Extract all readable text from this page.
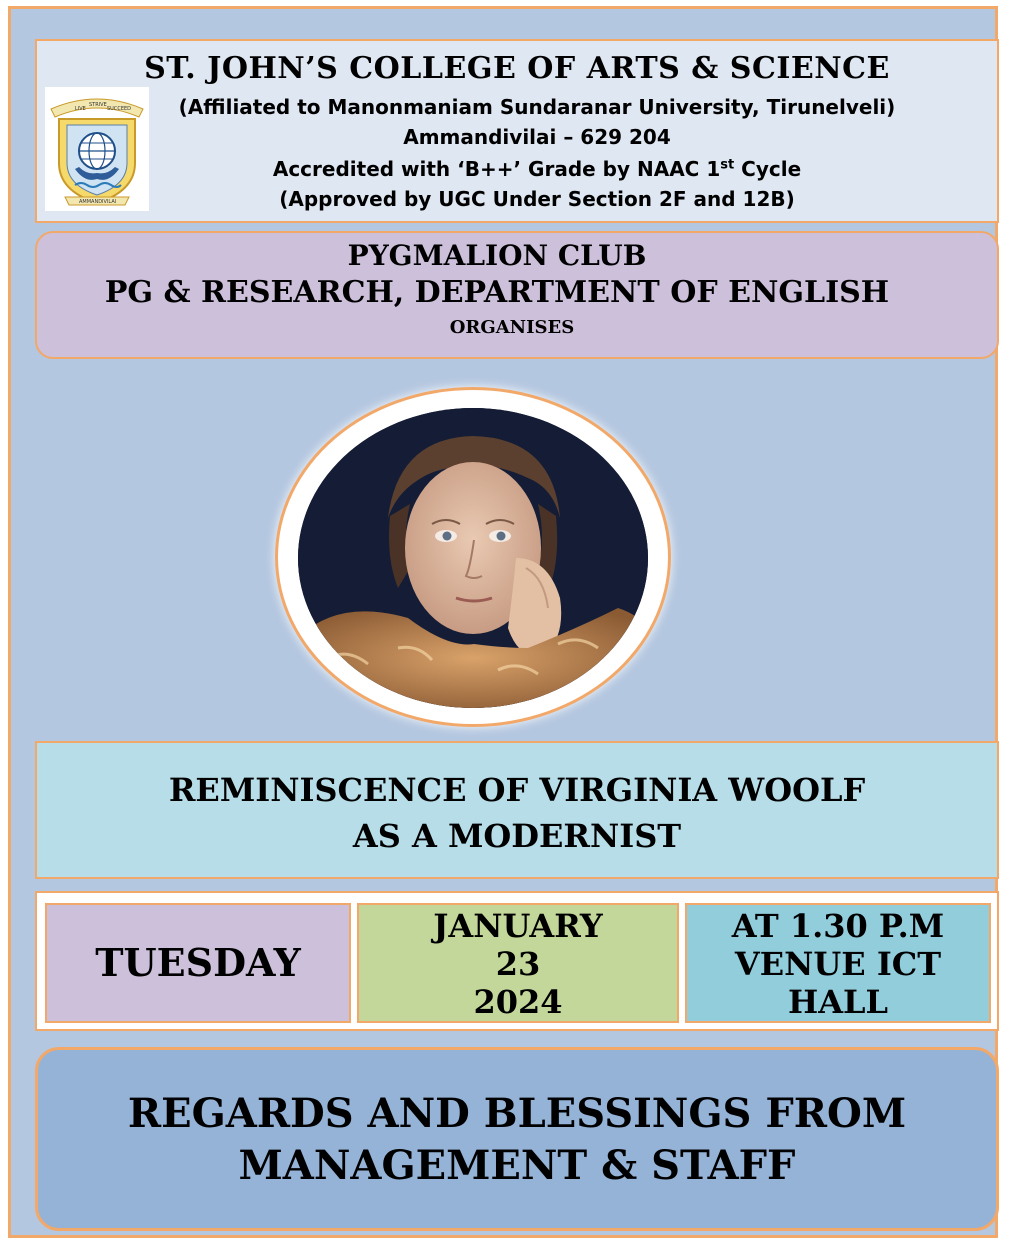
ST. JOHN’S COLLEGE OF ARTS & SCIENCE
LIVE
STRIVE
SUCCEED
AMMANDIVILAI
(Affiliated to Manonmaniam Sundaranar University, Tirunelveli)
Ammandivilai – 629 204
Accredited with ‘B++’ Grade by NAAC 1st Cycle
(Approved by UGC Under Section 2F and 12B)
PYGMALION CLUB
PG & RESEARCH, DEPARTMENT OF ENGLISH
ORGANISES
REMINISCENCE OF VIRGINIA WOOLF
AS A MODERNIST
TUESDAY
JANUARY
23
2024
AT 1.30 P.M
VENUE ICT
HALL
REGARDS AND BLESSINGS FROM
MANAGEMENT & STAFF
